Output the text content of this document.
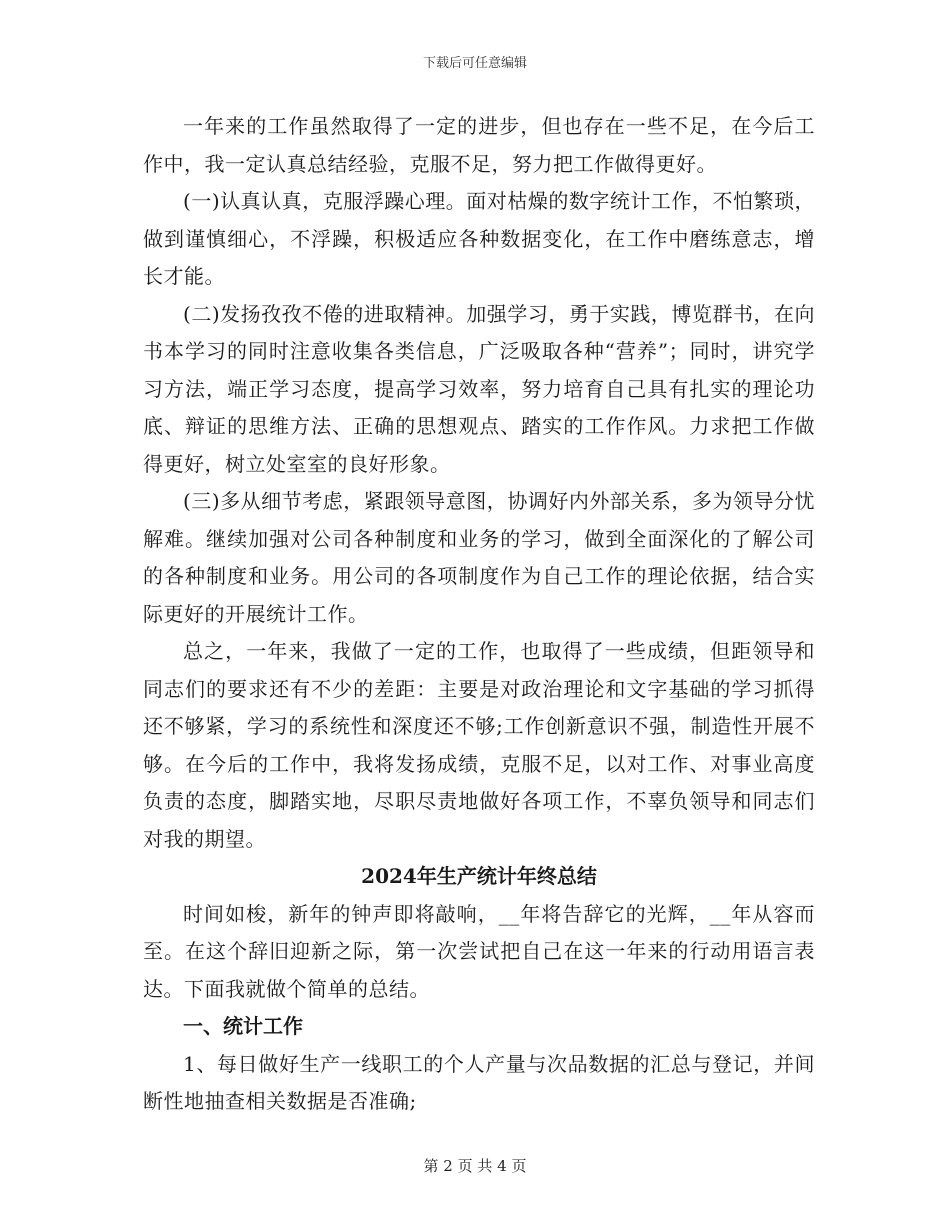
下载后可任意编辑

一年来的工作虽然取得了一定的进步，但也存在一些不足，在今后工作中，我一定认真总结经验，克服不足，努力把工作做得更好。

(一)认真认真，克服浮躁心理。面对枯燥的数字统计工作，不怕繁琐，做到谨慎细心，不浮躁，积极适应各种数据变化，在工作中磨练意志，增长才能。

(二)发扬孜孜不倦的进取精神。加强学习，勇于实践，博览群书，在向书本学习的同时注意收集各类信息，广泛吸取各种“营养”；同时，讲究学习方法，端正学习态度，提高学习效率，努力培育自己具有扎实的理论功底、辩证的思维方法、正确的思想观点、踏实的工作作风。力求把工作做得更好，树立处室室的良好形象。

(三)多从细节考虑，紧跟领导意图，协调好内外部关系，多为领导分忧解难。继续加强对公司各种制度和业务的学习，做到全面深化的了解公司的各种制度和业务。用公司的各项制度作为自己工作的理论依据，结合实际更好的开展统计工作。

总之，一年来，我做了一定的工作，也取得了一些成绩，但距领导和同志们的要求还有不少的差距：主要是对政治理论和文字基础的学习抓得还不够紧，学习的系统性和深度还不够;工作创新意识不强，制造性开展不够。在今后的工作中，我将发扬成绩，克服不足，以对工作、对事业高度负责的态度，脚踏实地，尽职尽责地做好各项工作，不辜负领导和同志们对我的期望。

2024年生产统计年终总结

时间如梭，新年的钟声即将敲响，__年将告辞它的光辉，__年从容而至。在这个辞旧迎新之际，第一次尝试把自己在这一年来的行动用语言表达。下面我就做个简单的总结。

一、统计工作

1、每日做好生产一线职工的个人产量与次品数据的汇总与登记，并间断性地抽查相关数据是否准确;

第 2 页 共 4 页
